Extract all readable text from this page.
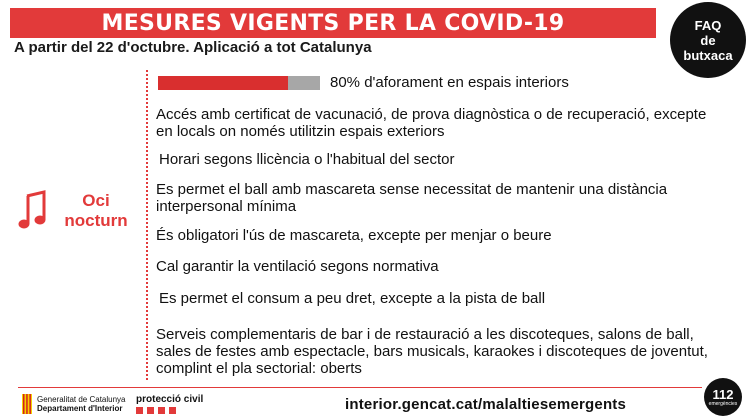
MESURES VIGENTS PER LA COVID-19
A partir del 22 d'octubre. Aplicació a tot Catalunya
FAQ
de
butxaca
Oci
nocturn
80% d'aforament en espais interiors
Accés amb certificat de vacunació, de prova diagnòstica o de recuperació, excepte en locals on només utilitzin espais exteriors
Horari segons llicència o l'habitual del sector
Es permet el ball amb mascareta sense necessitat de mantenir una distància interpersonal mínima
És obligatori l'ús de mascareta, excepte per menjar o beure
Cal garantir la ventilació segons normativa
Es permet el consum a peu dret, excepte a la pista de ball
Serveis complementaris de bar i de restauració a les discoteques, salons de ball, sales de festes amb espectacle, bars musicals, karaokes i discoteques de joventut, complint el pla sectorial: oberts
Generalitat de Catalunya
Departament d'Interior
protecció civil	interior.gencat.cat/malaltiesemergents
112
emergències
